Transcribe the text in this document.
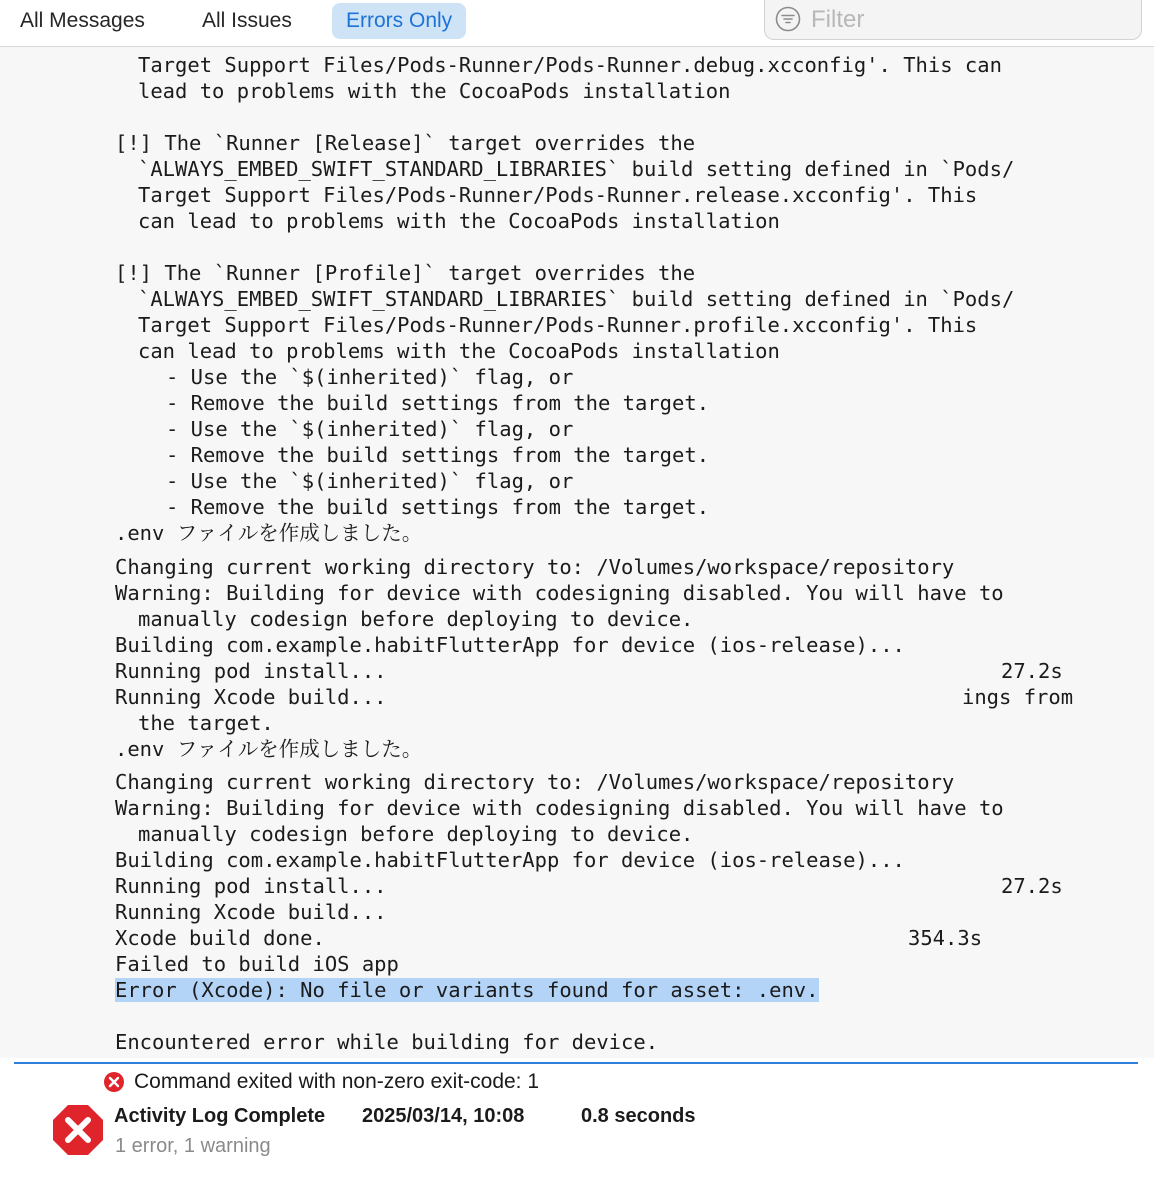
All Messages	All Issues	Errors Only
Filter
Target Support Files/Pods-Runner/Pods-Runner.debug.xcconfig'. This can
lead to problems with the CocoaPods installation
[!] The `Runner [Release]` target overrides the
`ALWAYS_EMBED_SWIFT_STANDARD_LIBRARIES` build setting defined in `Pods/
Target Support Files/Pods-Runner/Pods-Runner.release.xcconfig'. This
can lead to problems with the CocoaPods installation
[!] The `Runner [Profile]` target overrides the
`ALWAYS_EMBED_SWIFT_STANDARD_LIBRARIES` build setting defined in `Pods/
Target Support Files/Pods-Runner/Pods-Runner.profile.xcconfig'. This
can lead to problems with the CocoaPods installation
- Use the `$(inherited)` flag, or
- Remove the build settings from the target.
- Use the `$(inherited)` flag, or
- Remove the build settings from the target.
- Use the `$(inherited)` flag, or
- Remove the build settings from the target.
.env ファイルを作成しました。
Changing current working directory to: /Volumes/workspace/repository
Warning: Building for device with codesigning disabled. You will have to
manually codesign before deploying to device.
Building com.example.habitFlutterApp for device (ios-release)...
Running pod install...	27.2s
Running Xcode build...	ings from
the target.
.env ファイルを作成しました。
Changing current working directory to: /Volumes/workspace/repository
Warning: Building for device with codesigning disabled. You will have to
manually codesign before deploying to device.
Building com.example.habitFlutterApp for device (ios-release)...
Running pod install...	27.2s
Running Xcode build...
Xcode build done.	354.3s
Failed to build iOS app
Error (Xcode): No file or variants found for asset: .env.
Encountered error while building for device.
Command exited with non-zero exit-code: 1
Activity Log Complete 2025/03/14, 10:08	0.8 seconds
1 error, 1 warning
